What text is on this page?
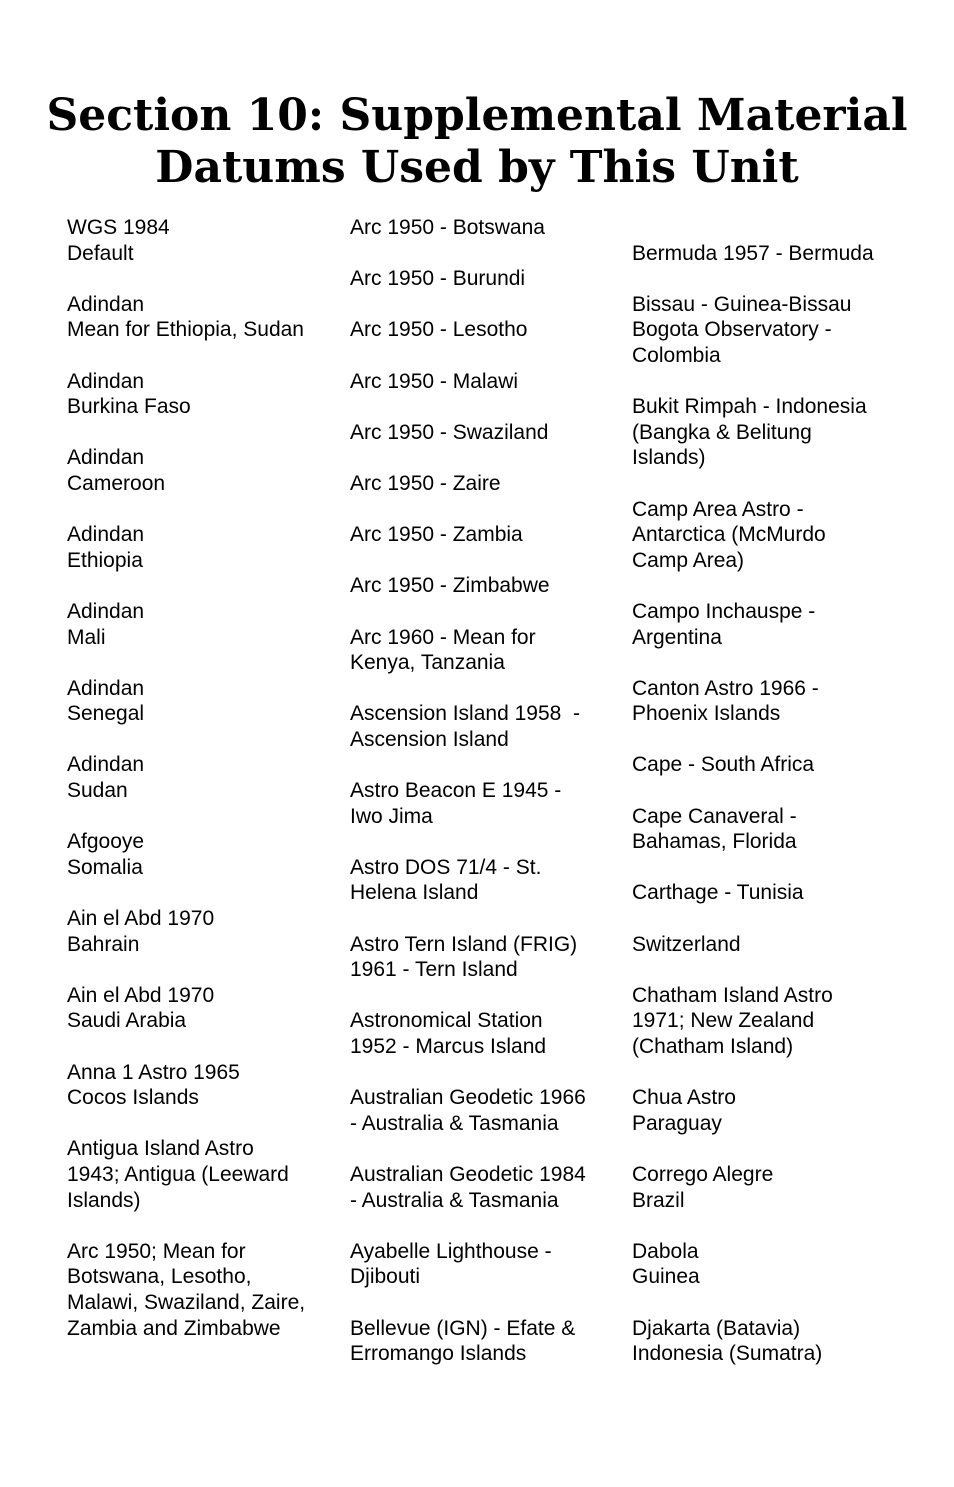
Section 10: Supplemental Material
Datums Used by This Unit
WGS 1984
Default
Adindan
Mean for Ethiopia, Sudan
Adindan
Burkina Faso
Adindan
Cameroon
Adindan
Ethiopia
Adindan
Mali
Adindan
Senegal
Adindan
Sudan
Afgooye
Somalia
Ain el Abd 1970
Bahrain
Ain el Abd 1970
Saudi Arabia
Anna 1 Astro 1965
Cocos Islands
Antigua Island Astro
1943; Antigua (Leeward
Islands)
Arc 1950; Mean for
Botswana, Lesotho,
Malawi, Swaziland, Zaire,
Zambia and Zimbabwe
Arc 1950 - Botswana
Arc 1950 - Burundi
Arc 1950 - Lesotho
Arc 1950 - Malawi
Arc 1950 - Swaziland
Arc 1950 - Zaire
Arc 1950 - Zambia
Arc 1950 - Zimbabwe
Arc 1960 - Mean for
Kenya, Tanzania
Ascension Island 1958  -
Ascension Island
Astro Beacon E 1945 -
Iwo Jima
Astro DOS 71/4 - St.
Helena Island
Astro Tern Island (FRIG)
1961 - Tern Island
Astronomical Station
1952 - Marcus Island
Australian Geodetic 1966
- Australia & Tasmania
Australian Geodetic 1984
- Australia & Tasmania
Ayabelle Lighthouse -
Djibouti
Bellevue (IGN) - Efate &
Erromango Islands
Bermuda 1957 - Bermuda
Bissau - Guinea-Bissau
Bogota Observatory -
Colombia
Bukit Rimpah - Indonesia
(Bangka & Belitung
Islands)
Camp Area Astro -
Antarctica (McMurdo
Camp Area)
Campo Inchauspe -
Argentina
Canton Astro 1966 -
Phoenix Islands
Cape - South Africa
Cape Canaveral -
Bahamas, Florida
Carthage - Tunisia
Switzerland
Chatham Island Astro
1971; New Zealand
(Chatham Island)
Chua Astro
Paraguay
Corrego Alegre
Brazil
Dabola
Guinea
Djakarta (Batavia)
Indonesia (Sumatra)
